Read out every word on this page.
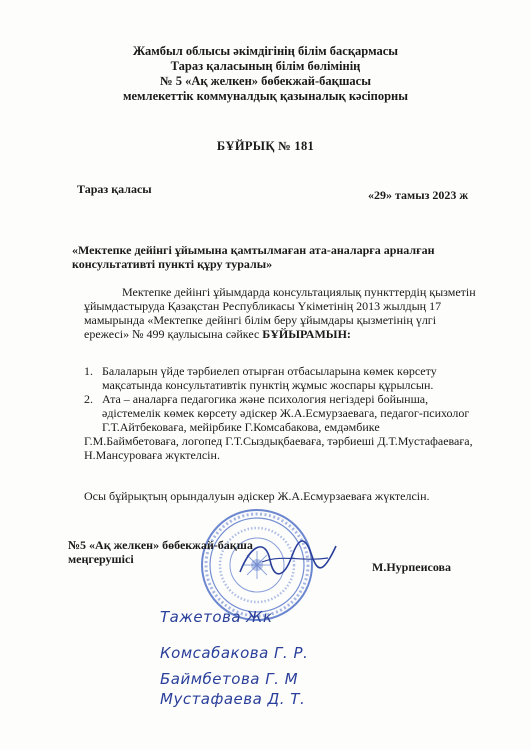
Жамбыл облысы әкімдігінің білім басқармасы
Тараз қаласының білім бөлімінің
№ 5 «Ақ желкен» бөбекжай-бақшасы
мемлекеттік коммуналдық қазыналық кәсіпорны
БҰЙРЫҚ № 181
Тараз қаласы	«29» тамыз 2023 ж
«Мектепке дейінгі ұйымына қамтылмаған ата-аналарға арналған консультативті пункті құру туралы»
Мектепке дейінгі ұйымдарда консультациялық пункттердің қызметін
ұйымдастыруда Қазақстан Республикасы Үкіметінің 2013 жылдың 17
мамырында «Мектепке дейінгі білім беру ұйымдары қызметінің үлгі
ережесі» № 499 қаулысына сәйкес БҰЙЫРАМЫН:
1. Балаларын үйде тәрбиелеп отырған отбасыларына көмек көрсету
мақсатында консультативтік пунктің жұмыс жоспары құрылсын.
2. Ата – аналарға педагогика және психология негіздері бойынша,
әдістемелік көмек көрсету әдіскер Ж.А.Есмурзаевага, педагог-психолог
Г.Т.Айтбековаға, мейірбике Г.Комсабакова, емдәмбике
Г.М.Баймбетоваға, логопед Г.Т.Сыздықбаеваға, тәрбиеші Д.Т.Мустафаеваға,
Н.Мансуроваға жүктелсін.
Осы бұйрықтың орындалуын әдіскер Ж.А.Есмурзаеваға жүктелсін.
№5 «Ақ желкен» бөбекжай-бақша
меңгерушісі
М.Нурпеисова
Тажетова Жк
Комсабакова Г. Р.
Баймбетова Г. М
Мустафаева Д. Т.
